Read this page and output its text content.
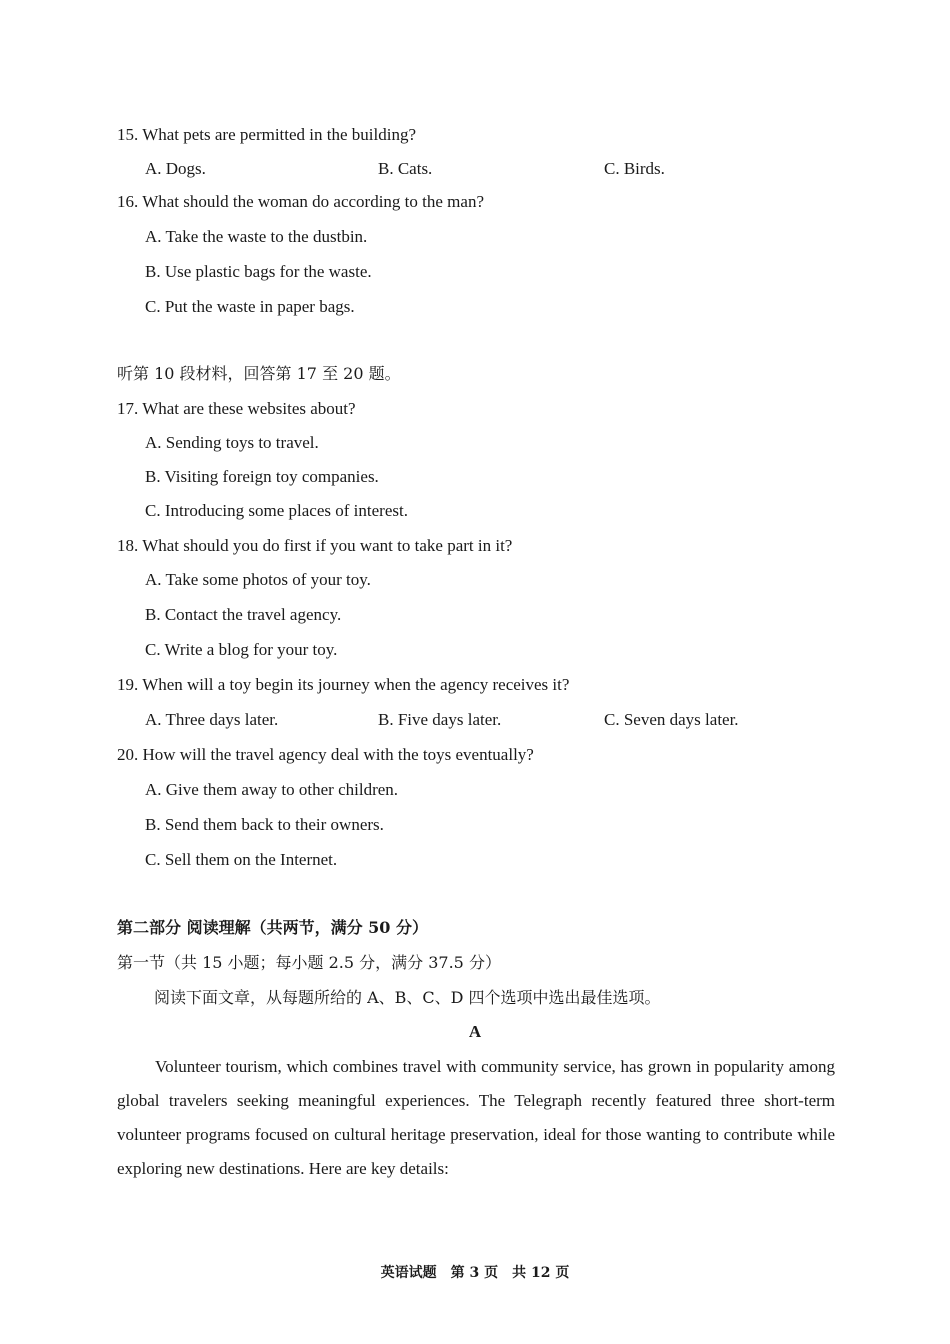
15. What pets are permitted in the building?
A. Dogs.	B. Cats.	C. Birds.
16. What should the woman do according to the man?
A. Take the waste to the dustbin.
B. Use plastic bags for the waste.
C. Put the waste in paper bags.
听第 10 段材料，回答第 17 至 20 题。
17. What are these websites about?
A. Sending toys to travel.
B. Visiting foreign toy companies.
C. Introducing some places of interest.
18. What should you do first if you want to take part in it?
A. Take some photos of your toy.
B. Contact the travel agency.
C. Write a blog for your toy.
19. When will a toy begin its journey when the agency receives it?
A. Three days later.	B. Five days later.	C. Seven days later.
20. How will the travel agency deal with the toys eventually?
A. Give them away to other children.
B. Send them back to their owners.
C. Sell them on the Internet.
第二部分 阅读理解（共两节，满分 50 分）
第一节（共 15 小题；每小题 2.5 分，满分 37.5 分）
阅读下面文章，从每题所给的 A、B、C、D 四个选项中选出最佳选项。
A
Volunteer tourism, which combines travel with community service, has grown in popularity among global travelers seeking meaningful experiences. The Telegraph recently featured three short-term volunteer programs focused on cultural heritage preservation, ideal for those wanting to contribute while exploring new destinations. Here are key details:
英语试题　第 3 页　共 12 页
